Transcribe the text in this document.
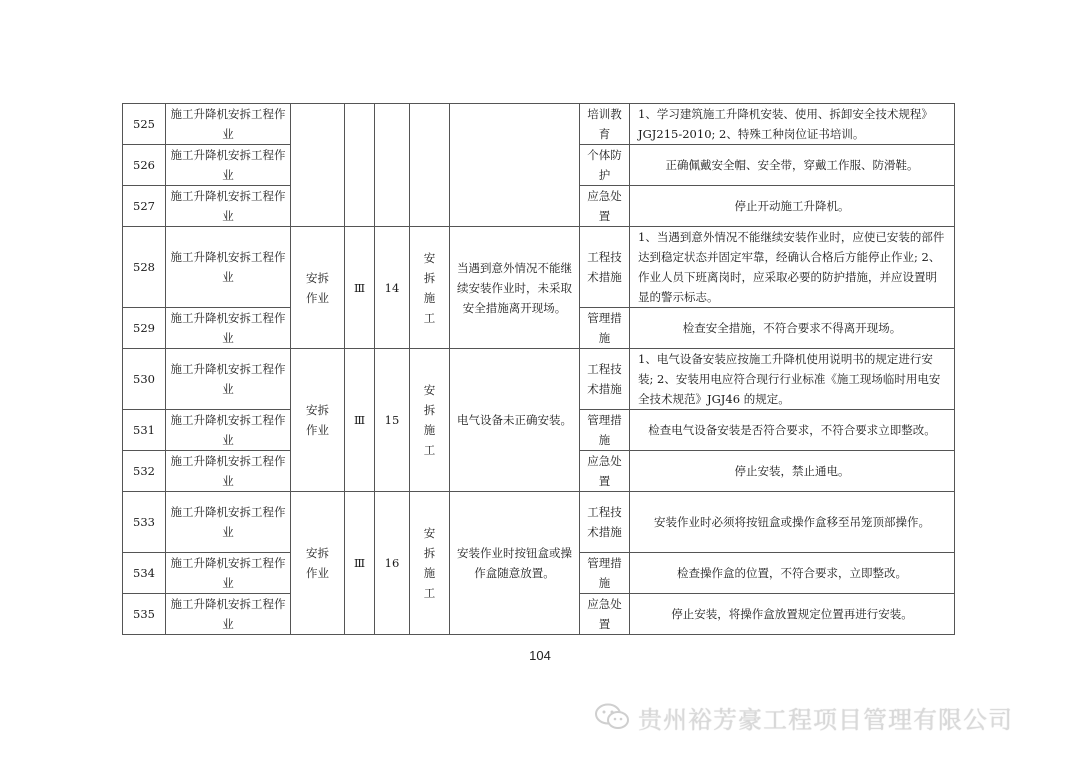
525	施工升降机安拆工程作业						培训教育	1、学习建筑施工升降机安装、使用、拆卸安全技术规程》JGJ215-2010; 2、特殊工种岗位证书培训。
526	施工升降机安拆工程作业						个体防护	正确佩戴安全帽、安全带，穿戴工作服、防滑鞋。
527	施工升降机安拆工程作业						应急处置	停止开动施工升降机。
528	施工升降机安拆工程作业	安拆作业	Ⅲ	14	安拆施工	当遇到意外情况不能继续安装作业时，未采取安全措施离开现场。	工程技术措施	1、当遇到意外情况不能继续安装作业时，应使已安装的部件达到稳定状态并固定牢靠，经确认合格后方能停止作业; 2、作业人员下班离岗时，应采取必要的防护措施，并应设置明显的警示标志。
529	施工升降机安拆工程作业						管理措施	检查安全措施，不符合要求不得离开现场。
530	施工升降机安拆工程作业	安拆作业	Ⅲ	15	安拆施工	电气设备未正确安装。	工程技术措施	1、电气设备安装应按施工升降机使用说明书的规定进行安装; 2、安装用电应符合现行行业标准《施工现场临时用电安全技术规范》JGJ46 的规定。
531	施工升降机安拆工程作业						管理措施	检查电气设备安装是否符合要求，不符合要求立即整改。
532	施工升降机安拆工程作业						应急处置	停止安装，禁止通电。
533	施工升降机安拆工程作业	安拆作业	Ⅲ	16	安拆施工	安装作业时按钮盒或操作盒随意放置。	工程技术措施	安装作业时必须将按钮盒或操作盒移至吊笼顶部操作。
534	施工升降机安拆工程作业						管理措施	检查操作盒的位置，不符合要求，立即整改。
535	施工升降机安拆工程作业						应急处置	停止安装，将操作盒放置规定位置再进行安装。
104
贵州裕芳豪工程项目管理有限公司
